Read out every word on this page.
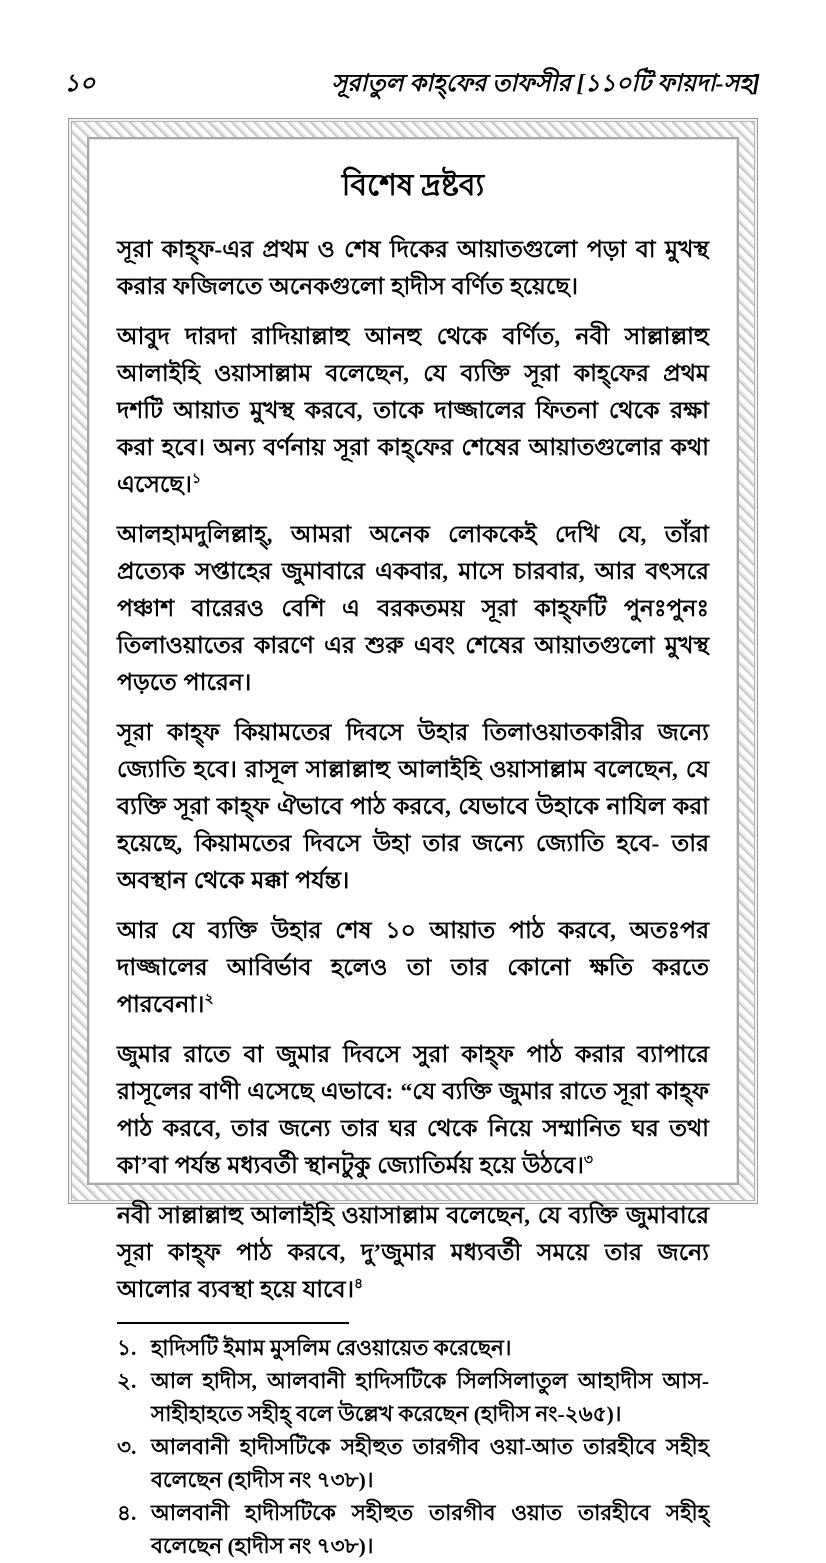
১০	সূরাতুল কাহ্‌ফের তাফসীর [১১০টি ফায়দা-সহ]
বিশেষ দ্রষ্টব্য

সূরা কাহ্‌ফ-এর প্রথম ও শেষ দিকের আয়াতগুলো পড়া বা মুখস্থ করার ফজিলতে অনেকগুলো হাদীস বর্ণিত হয়েছে।

আবুদ দারদা রাদিয়াল্লাহু আনহু থেকে বর্ণিত, নবী সাল্লাল্লাহু আলাইহি ওয়াসাল্লাম বলেছেন, যে ব্যক্তি সূরা কাহ্‌ফের প্রথম দশটি আয়াত মুখস্থ করবে, তাকে দাজ্জালের ফিতনা থেকে রক্ষা করা হবে। অন্য বর্ণনায় সূরা কাহ্‌ফের শেষের আয়াতগুলোর কথা এসেছে।$^১$

আলহামদুলিল্লাহ্‌, আমরা অনেক লোককেই দেখি যে, তাঁরা প্রত্যেক সপ্তাহের জুমাবারে একবার, মাসে চারবার, আর বৎসরে পঞ্চাশ বারেরও বেশি এ বরকতময় সূরা কাহ্‌ফটি পুনঃপুনঃ তিলাওয়াতের কারণে এর শুরু এবং শেষের আয়াতগুলো মুখস্থ পড়তে পারেন।

সূরা কাহ্‌ফ কিয়ামতের দিবসে উহার তিলাওয়াতকারীর জন্যে জ্যোতি হবে। রাসূল সাল্লাল্লাহু আলাইহি ওয়াসাল্লাম বলেছেন, যে ব্যক্তি সূরা কাহ্‌ফ ঐভাবে পাঠ করবে, যেভাবে উহাকে নাযিল করা হয়েছে, কিয়ামতের দিবসে উহা তার জন্যে জ্যোতি হবে- তার অবস্থান থেকে মক্কা পর্যন্ত।

আর যে ব্যক্তি উহার শেষ ১০ আয়াত পাঠ করবে, অতঃপর দাজ্জালের আবির্ভাব হলেও তা তার কোনো ক্ষতি করতে পারবেনা।$^২$

জুমার রাতে বা জুমার দিবসে সুরা কাহ্‌ফ পাঠ করার ব্যাপারে রাসূলের বাণী এসেছে এভাবে: “যে ব্যক্তি জুমার রাতে সূরা কাহ্‌ফ পাঠ করবে, তার জন্যে তার ঘর থেকে নিয়ে সম্মানিত ঘর তথা কা’বা পর্যন্ত মধ্যবর্তী স্থানটুকু জ্যোতির্ময় হয়ে উঠবে।$^৩$

নবী সাল্লাল্লাহু আলাইহি ওয়াসাল্লাম বলেছেন, যে ব্যক্তি জুমাবারে সূরা কাহ্‌ফ পাঠ করবে, দু’জুমার মধ্যবর্তী সময়ে তার জন্যে আলোর ব্যবস্থা হয়ে যাবে।$^৪$

১. হাদিসটি ইমাম মুসলিম রেওয়ায়েত করেছেন।
২. আল হাদীস, আলবানী হাদিসটিকে সিলসিলাতুল আহাদীস আস-সাহীহাহতে সহীহ্‌ বলে উল্লেখ করেছেন (হাদীস নং-২৬৫)।
৩. আলবানী হাদীসটিকে সহীহুত তারগীব ওয়া-আত তারহীবে সহীহ বলেছেন (হাদীস নং ৭৩৮)।
৪. আলবানী হাদীসটিকে সহীহুত তারগীব ওয়াত তারহীবে সহীহ্‌ বলেছেন (হাদীস নং ৭৩৮)।
